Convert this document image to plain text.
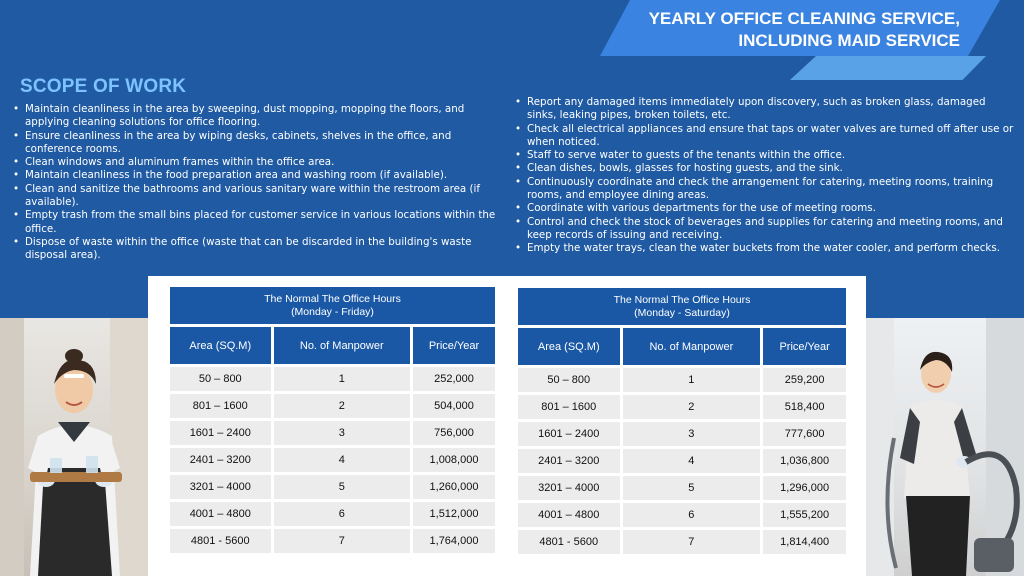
YEARLY OFFICE CLEANING SERVICE,
INCLUDING MAID SERVICE
SCOPE OF WORK
• Maintain cleanliness in the area by sweeping, dust mopping, mopping the floors, and applying cleaning solutions for office flooring.
• Ensure cleanliness in the area by wiping desks, cabinets, shelves in the office, and conference rooms.
• Clean windows and aluminum frames within the office area.
• Maintain cleanliness in the food preparation area and washing room (if available).
• Clean and sanitize the bathrooms and various sanitary ware within the restroom area (if available).
• Empty trash from the small bins placed for customer service in various locations within the office.
• Dispose of waste within the office (waste that can be discarded in the building's waste disposal area).
• Report any damaged items immediately upon discovery, such as broken glass, damaged sinks, leaking pipes, broken toilets, etc.
• Check all electrical appliances and ensure that taps or water valves are turned off after use or when noticed.
• Staff to serve water to guests of the tenants within the office.
• Clean dishes, bowls, glasses for hosting guests, and the sink.
• Continuously coordinate and check the arrangement for catering, meeting rooms, training rooms, and employee dining areas.
• Coordinate with various departments for the use of meeting rooms.
• Control and check the stock of beverages and supplies for catering and meeting rooms, and keep records of issuing and receiving.
• Empty the water trays, clean the water buckets from the water cooler, and perform checks.
The Normal The Office Hours
(Monday - Friday)		
Area (SQ.M)	No. of Manpower	Price/Year
50 – 800	1	252,000
801 – 1600	2	504,000
1601 – 2400	3	756,000
2401 – 3200	4	1,008,000
3201 – 4000	5	1,260,000
4001 – 4800	6	1,512,000
4801 - 5600	7	1,764,000
The Normal The Office Hours
(Monday - Saturday)		
Area (SQ.M)	No. of Manpower	Price/Year
50 – 800	1	259,200
801 – 1600	2	518,400
1601 – 2400	3	777,600
2401 – 3200	4	1,036,800
3201 – 4000	5	1,296,000
4001 – 4800	6	1,555,200
4801 - 5600	7	1,814,400
